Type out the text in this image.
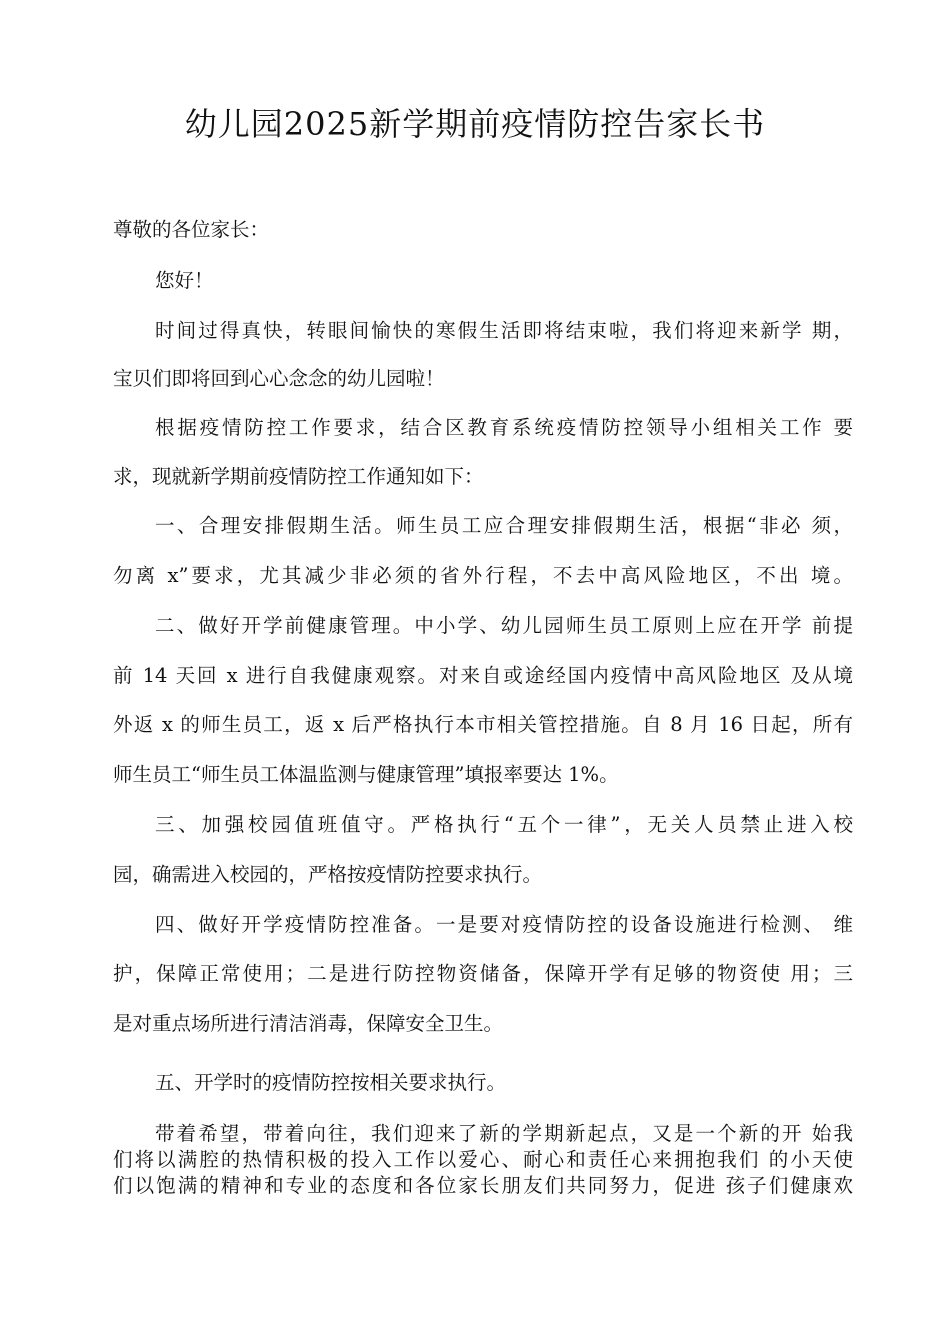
幼儿园2025新学期前疫情防控告家长书
尊敬的各位家长：
您好！
时间过得真快，转眼间愉快的寒假生活即将结束啦，我们将迎来新学 期，
宝贝们即将回到心心念念的幼儿园啦！
根据疫情防控工作要求，结合区教育系统疫情防控领导小组相关工作 要
求，现就新学期前疫情防控工作通知如下：
一、合理安排假期生活。师生员工应合理安排假期生活，根据“非必 须，
勿离 x”要求，尤其减少非必须的省外行程，不去中高风险地区，不出 境。
二、做好开学前健康管理。中小学、幼儿园师生员工原则上应在开学 前提
前 14 天回 x 进行自我健康观察。对来自或途经国内疫情中高风险地区 及从境
外返 x 的师生员工，返 x 后严格执行本市相关管控措施。自 8 月 16 日起，所有
师生员工“师生员工体温监测与健康管理”填报率要达 1%。
三、加强校园值班值守。严格执行“五个一律”，无关人员禁止进入校
园，确需进入校园的，严格按疫情防控要求执行。
四、做好开学疫情防控准备。一是要对疫情防控的设备设施进行检测、 维
护，保障正常使用；二是进行防控物资储备，保障开学有足够的物资使 用；三
是对重点场所进行清洁消毒，保障安全卫生。
五、开学时的疫情防控按相关要求执行。
带着希望，带着向往，我们迎来了新的学期新起点，又是一个新的开 始我
们将以满腔的热情积极的投入工作以爱心、耐心和责任心来拥抱我们 的小天使
们以饱满的精神和专业的态度和各位家长朋友们共同努力，促进 孩子们健康欢
